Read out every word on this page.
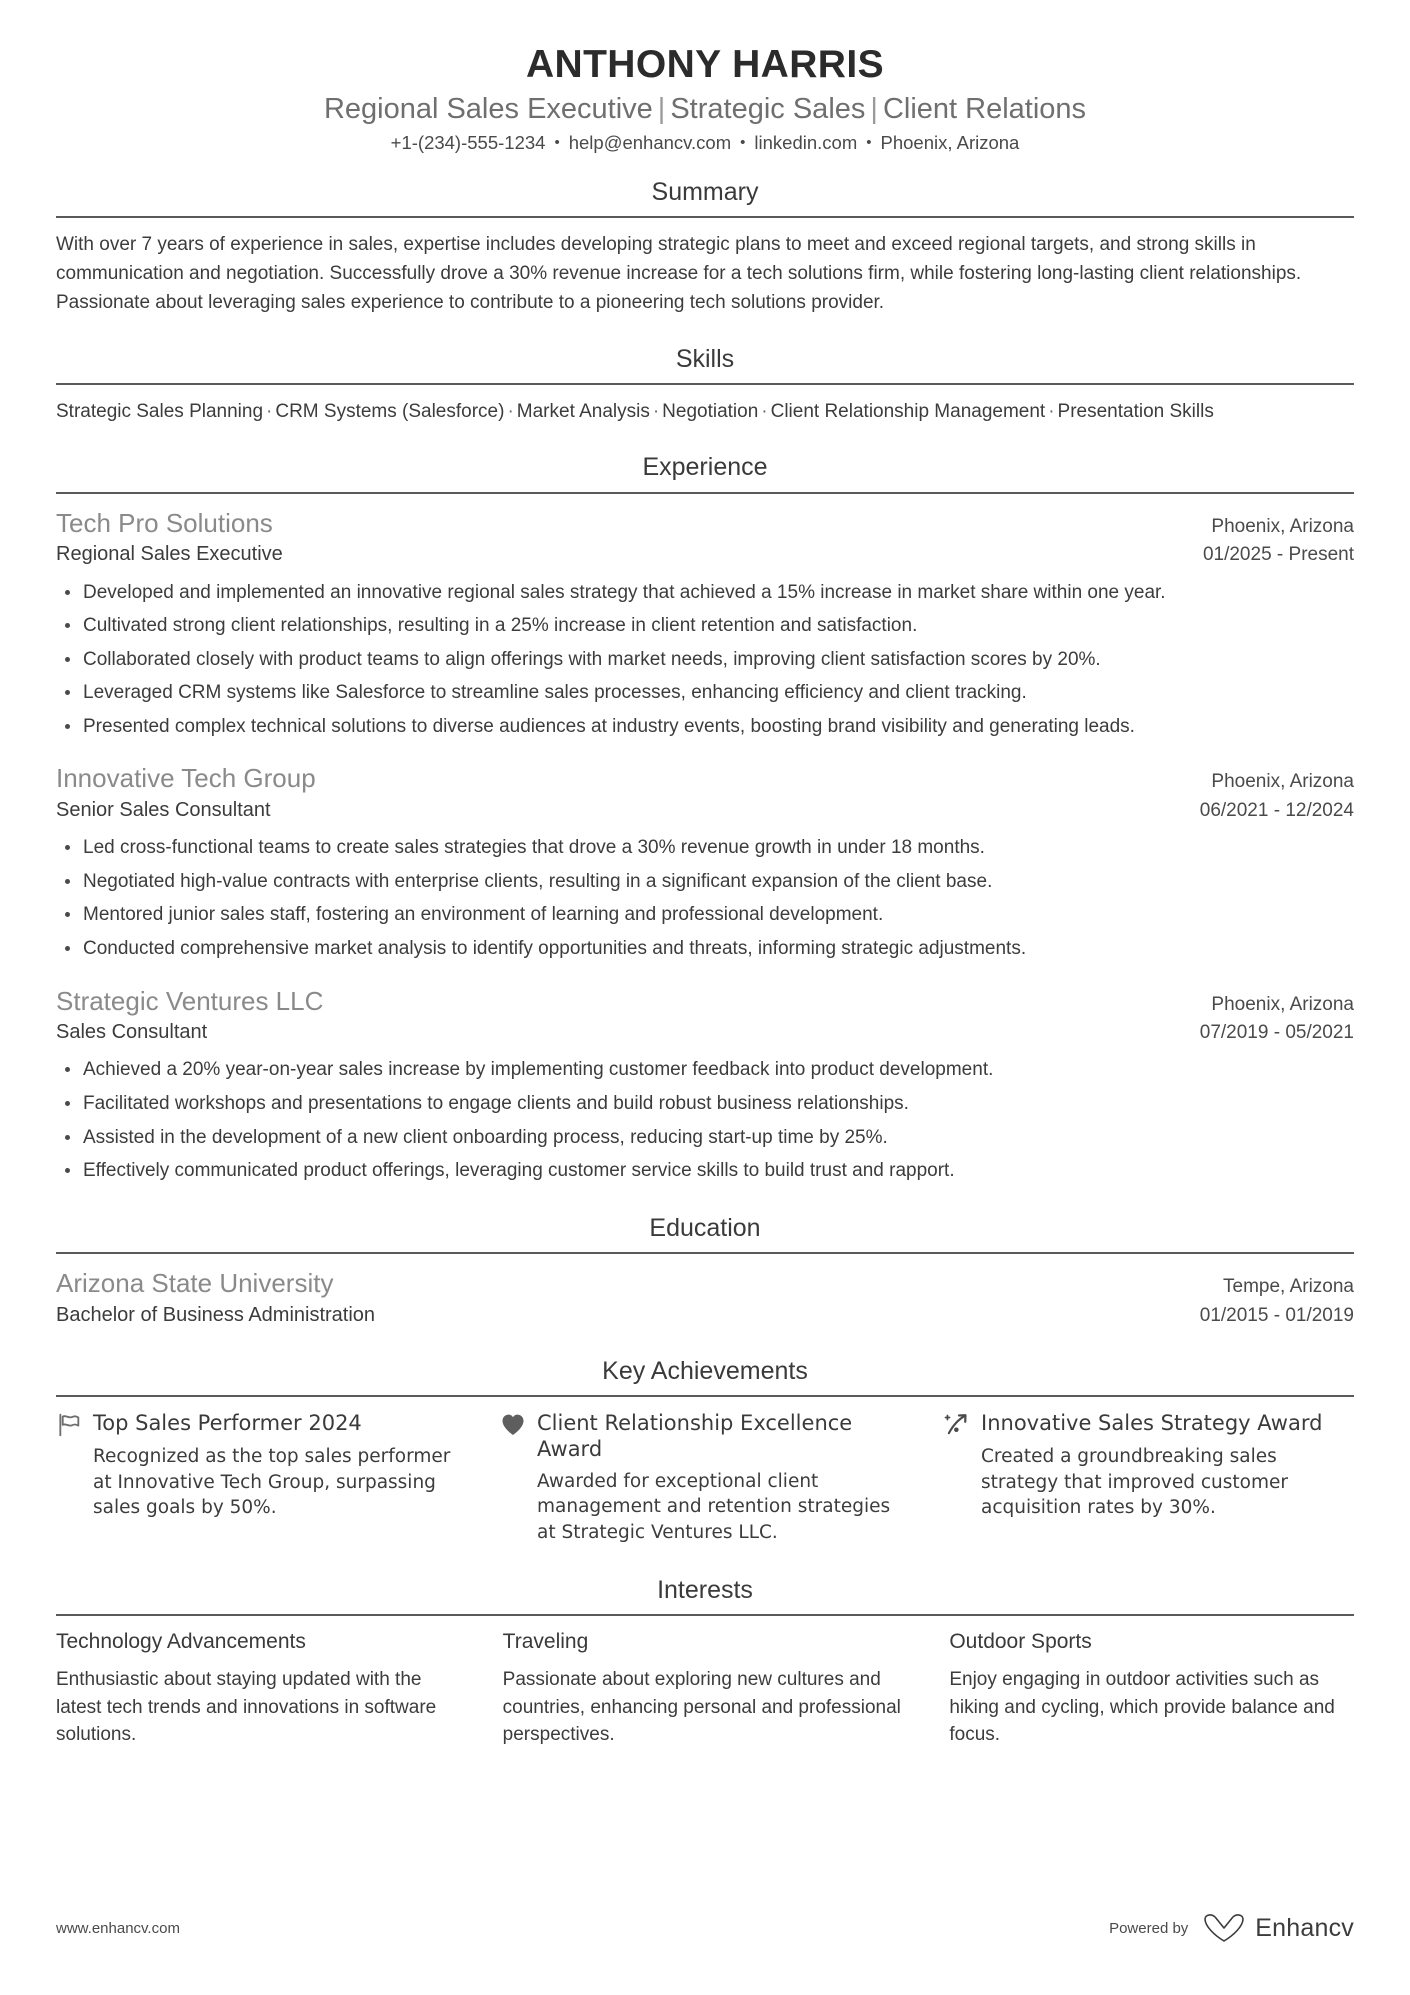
ANTHONY HARRIS
Regional Sales Executive | Strategic Sales | Client Relations
+1-(234)-555-1234 • help@enhancv.com • linkedin.com • Phoenix, Arizona
Summary

With over 7 years of experience in sales, expertise includes developing strategic plans to meet and exceed regional targets, and strong skills in communication and negotiation. Successfully drove a 30% revenue increase for a tech solutions firm, while fostering long-lasting client relationships. Passionate about leveraging sales experience to contribute to a pioneering tech solutions provider.

Skills

Strategic Sales Planning · CRM Systems (Salesforce) · Market Analysis · Negotiation · Client Relationship Management · Presentation Skills

Experience
Tech Pro Solutions	Phoenix, Arizona
Regional Sales Executive	01/2025 - Present
Developed and implemented an innovative regional sales strategy that achieved a 15% increase in market share within one year.
Cultivated strong client relationships, resulting in a 25% increase in client retention and satisfaction.
Collaborated closely with product teams to align offerings with market needs, improving client satisfaction scores by 20%.
Leveraged CRM systems like Salesforce to streamline sales processes, enhancing efficiency and client tracking.
Presented complex technical solutions to diverse audiences at industry events, boosting brand visibility and generating leads.
Innovative Tech Group	Phoenix, Arizona
Senior Sales Consultant	06/2021 - 12/2024
Led cross-functional teams to create sales strategies that drove a 30% revenue growth in under 18 months.
Negotiated high-value contracts with enterprise clients, resulting in a significant expansion of the client base.
Mentored junior sales staff, fostering an environment of learning and professional development.
Conducted comprehensive market analysis to identify opportunities and threats, informing strategic adjustments.
Strategic Ventures LLC	Phoenix, Arizona
Sales Consultant	07/2019 - 05/2021
Achieved a 20% year-on-year sales increase by implementing customer feedback into product development.
Facilitated workshops and presentations to engage clients and build robust business relationships.
Assisted in the development of a new client onboarding process, reducing start-up time by 25%.
Effectively communicated product offerings, leveraging customer service skills to build trust and rapport.
Education
Arizona State University	Tempe, Arizona
Bachelor of Business Administration	01/2015 - 01/2019
Key Achievements
Top Sales Performer 2024
Recognized as the top sales performer at Innovative Tech Group, surpassing sales goals by 50%.
Client Relationship Excellence Award
Awarded for exceptional client management and retention strategies at Strategic Ventures LLC.
Innovative Sales Strategy Award
Created a groundbreaking sales strategy that improved customer acquisition rates by 30%.
Interests
Technology Advancements
Enthusiastic about staying updated with the latest tech trends and innovations in software solutions.
Traveling
Passionate about exploring new cultures and countries, enhancing personal and professional perspectives.
Outdoor Sports
Enjoy engaging in outdoor activities such as hiking and cycling, which provide balance and focus.
www.enhancv.com	Powered by	Enhancv
